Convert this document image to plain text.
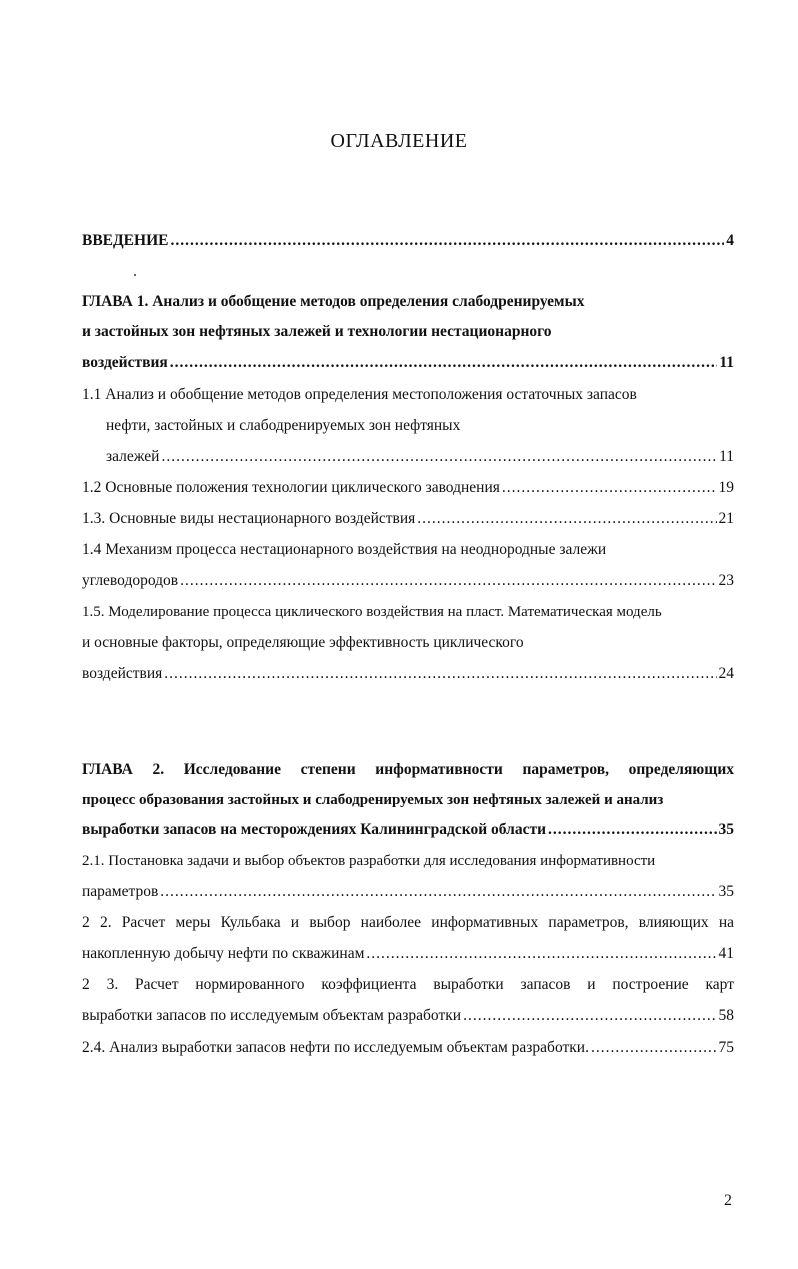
ОГЛАВЛЕНИЕ
ВВЕДЕНИЕ .....	4
ГЛАВА 1. Анализ и обобщение методов определения слабодренируемых
и застойных зон нефтяных залежей и технологии нестационарного
воздействия .....	11
1.1 Анализ и обобщение методов определения местоположения остаточных запасов
нефти, застойных и слабодренируемых зон нефтяных
залежей .....	11
1.2 Основные положения технологии циклического заводнения .....	19
1.3. Основные виды нестационарного воздействия .....	21
1.4 Механизм процесса нестационарного воздействия на неоднородные залежи
углеводородов .....	23
1.5. Моделирование процесса циклического воздействия на пласт. Математическая модель
и основные факторы, определяющие эффективность циклического
воздействия .....	24
ГЛАВА 2. Исследование степени информативности параметров, определяющих
процесс образования застойных и слабодренируемых зон нефтяных залежей и анализ
выработки запасов на месторождениях Калининградской области .....	35
2.1. Постановка задачи и выбор объектов разработки для исследования информативности
параметров .....	35
2 2. Расчет меры Кульбака и выбор наиболее информативных параметров, влияющих на
накопленную добычу нефти по скважинам .....	41
2 3. Расчет нормированного коэффициента выработки запасов и построение карт
выработки запасов по исследуемым объектам разработки .....	58
2.4. Анализ выработки запасов нефти по исследуемым объектам разработки. .....	75
2
